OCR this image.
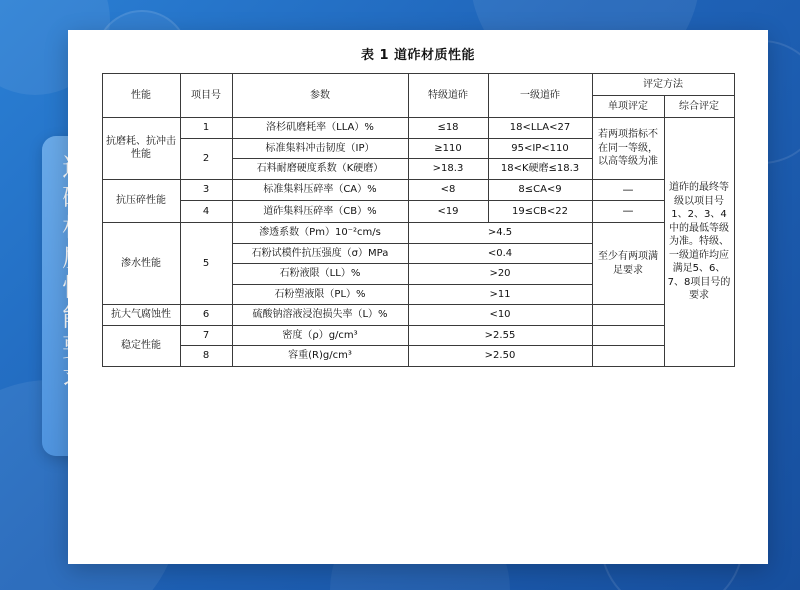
表 1 道砟材质性能
性能	项目号	参数	特级道砟	一级道砟	评定方法	
					单项评定	综合评定
抗磨耗、抗冲击性能	1	洛杉矶磨耗率（LLA）%	≤18	18<LLA<27	若两项指标不在同一等级，以高等级为准	道砟的最终等级以项目号1、2、3、4中的最低等级为准。特级、一级道砟均应满足5、6、7、8项目号的要求
	2	标准集料冲击韧度（IP）	≥110	95<IP<110		
		石料耐磨硬度系数（K硬磨）	>18.3	18<K硬磨≤18.3		
抗压碎性能	3	标准集料压碎率（CA）%	<8	8≤CA<9	—	
	4	道砟集料压碎率（CB）%	<19	19≤CB<22	—	
渗水性能	5	渗透系数（Pm）10⁻²cm/s	>4.5		至少有两项满足要求	
		石粉试模件抗压强度（σ）MPa	<0.4			
		石粉液限（LL）%	>20			
		石粉塑液限（PL）%	>11			
抗大气腐蚀性	6	硫酸钠溶液浸泡损失率（L）%	<10			
稳定性能	7	密度（ρ）g/cm³	>2.55			
	8	容重(R)g/cm³	>2.50			
